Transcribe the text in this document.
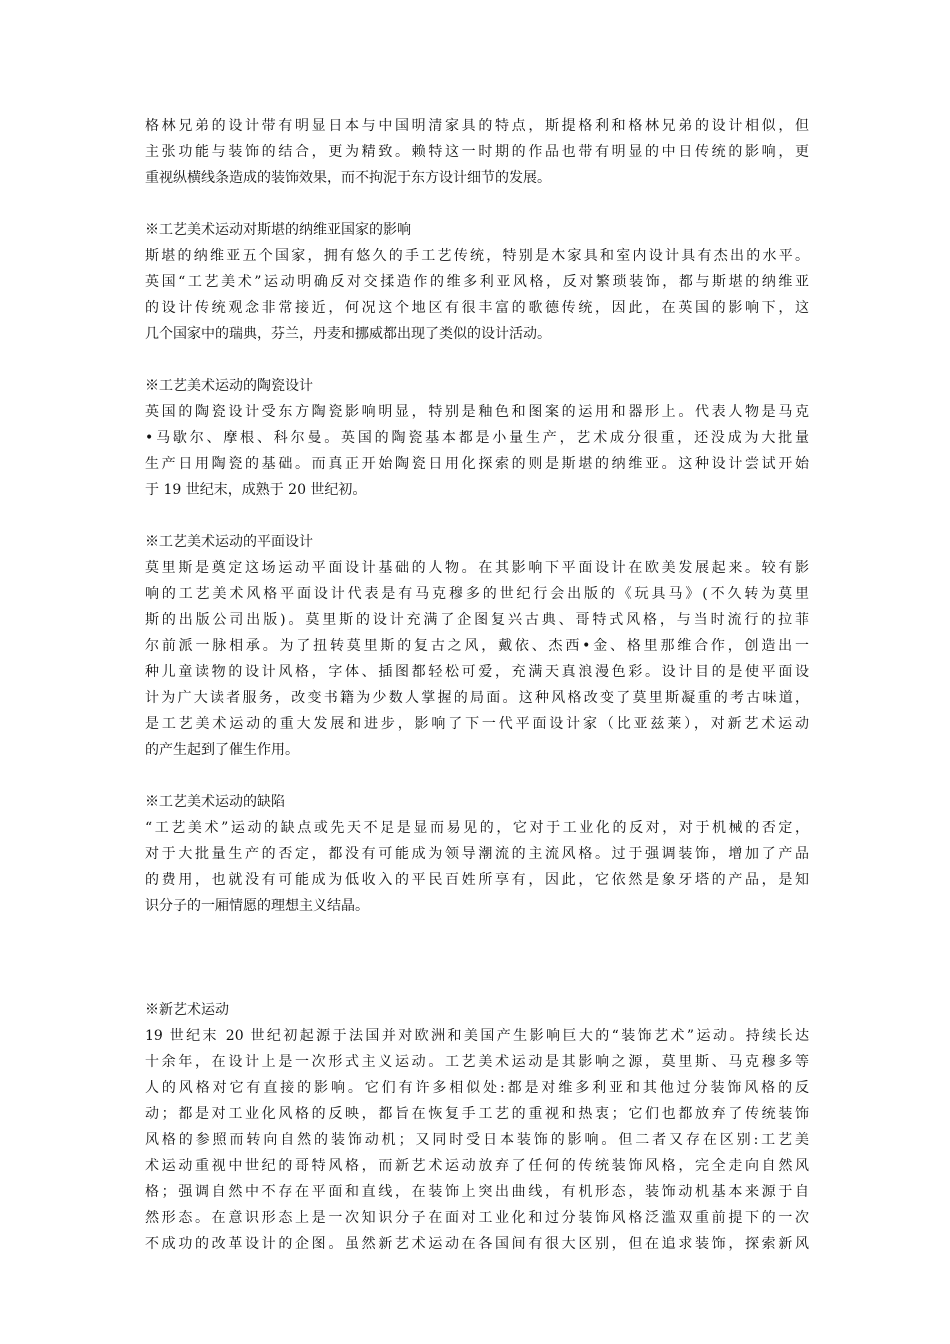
格林兄弟的设计带有明显日本与中国明清家具的特点，斯提格利和格林兄弟的设计相似，但
主张功能与装饰的结合，更为精致。赖特这一时期的作品也带有明显的中日传统的影响，更
重视纵横线条造成的装饰效果，而不拘泥于东方设计细节的发展。
※工艺美术运动对斯堪的纳维亚国家的影响
斯堪的纳维亚五个国家，拥有悠久的手工艺传统，特别是木家具和室内设计具有杰出的水平。
英国“工艺美术”运动明确反对交揉造作的维多利亚风格，反对繁琐装饰，都与斯堪的纳维亚
的设计传统观念非常接近，何况这个地区有很丰富的歌德传统，因此，在英国的影响下，这
几个国家中的瑞典，芬兰，丹麦和挪威都出现了类似的设计活动。
※工艺美术运动的陶瓷设计
英国的陶瓷设计受东方陶瓷影响明显，特别是釉色和图案的运用和器形上。代表人物是马克
•马歇尔、摩根、科尔曼。英国的陶瓷基本都是小量生产，艺术成分很重，还没成为大批量
生产日用陶瓷的基础。而真正开始陶瓷日用化探索的则是斯堪的纳维亚。这种设计尝试开始
于 19 世纪末，成熟于 20 世纪初。
※工艺美术运动的平面设计
莫里斯是奠定这场运动平面设计基础的人物。在其影响下平面设计在欧美发展起来。较有影
响的工艺美术风格平面设计代表是有马克穆多的世纪行会出版的《玩具马》(不久转为莫里
斯的出版公司出版)。莫里斯的设计充满了企图复兴古典、哥特式风格，与当时流行的拉菲
尔前派一脉相承。为了扭转莫里斯的复古之风，戴依、杰西•金、格里那维合作，创造出一
种儿童读物的设计风格，字体、插图都轻松可爱，充满天真浪漫色彩。设计目的是使平面设
计为广大读者服务，改变书籍为少数人掌握的局面。这种风格改变了莫里斯凝重的考古味道，
是工艺美术运动的重大发展和进步，影响了下一代平面设计家（比亚兹莱），对新艺术运动
的产生起到了催生作用。
※工艺美术运动的缺陷
“工艺美术”运动的缺点或先天不足是显而易见的，它对于工业化的反对，对于机械的否定，
对于大批量生产的否定，都没有可能成为领导潮流的主流风格。过于强调装饰，增加了产品
的费用，也就没有可能成为低收入的平民百姓所享有，因此，它依然是象牙塔的产品，是知
识分子的一厢情愿的理想主义结晶。
※新艺术运动
19 世纪末 20 世纪初起源于法国并对欧洲和美国产生影响巨大的“装饰艺术”运动。持续长达
十余年，在设计上是一次形式主义运动。工艺美术运动是其影响之源，莫里斯、马克穆多等
人的风格对它有直接的影响。它们有许多相似处:都是对维多利亚和其他过分装饰风格的反
动；都是对工业化风格的反映，都旨在恢复手工艺的重视和热衷；它们也都放弃了传统装饰
风格的参照而转向自然的装饰动机；又同时受日本装饰的影响。但二者又存在区别:工艺美
术运动重视中世纪的哥特风格，而新艺术运动放弃了任何的传统装饰风格，完全走向自然风
格；强调自然中不存在平面和直线，在装饰上突出曲线，有机形态，装饰动机基本来源于自
然形态。在意识形态上是一次知识分子在面对工业化和过分装饰风格泛滥双重前提下的一次
不成功的改革设计的企图。虽然新艺术运动在各国间有很大区别，但在追求装饰，探索新风
